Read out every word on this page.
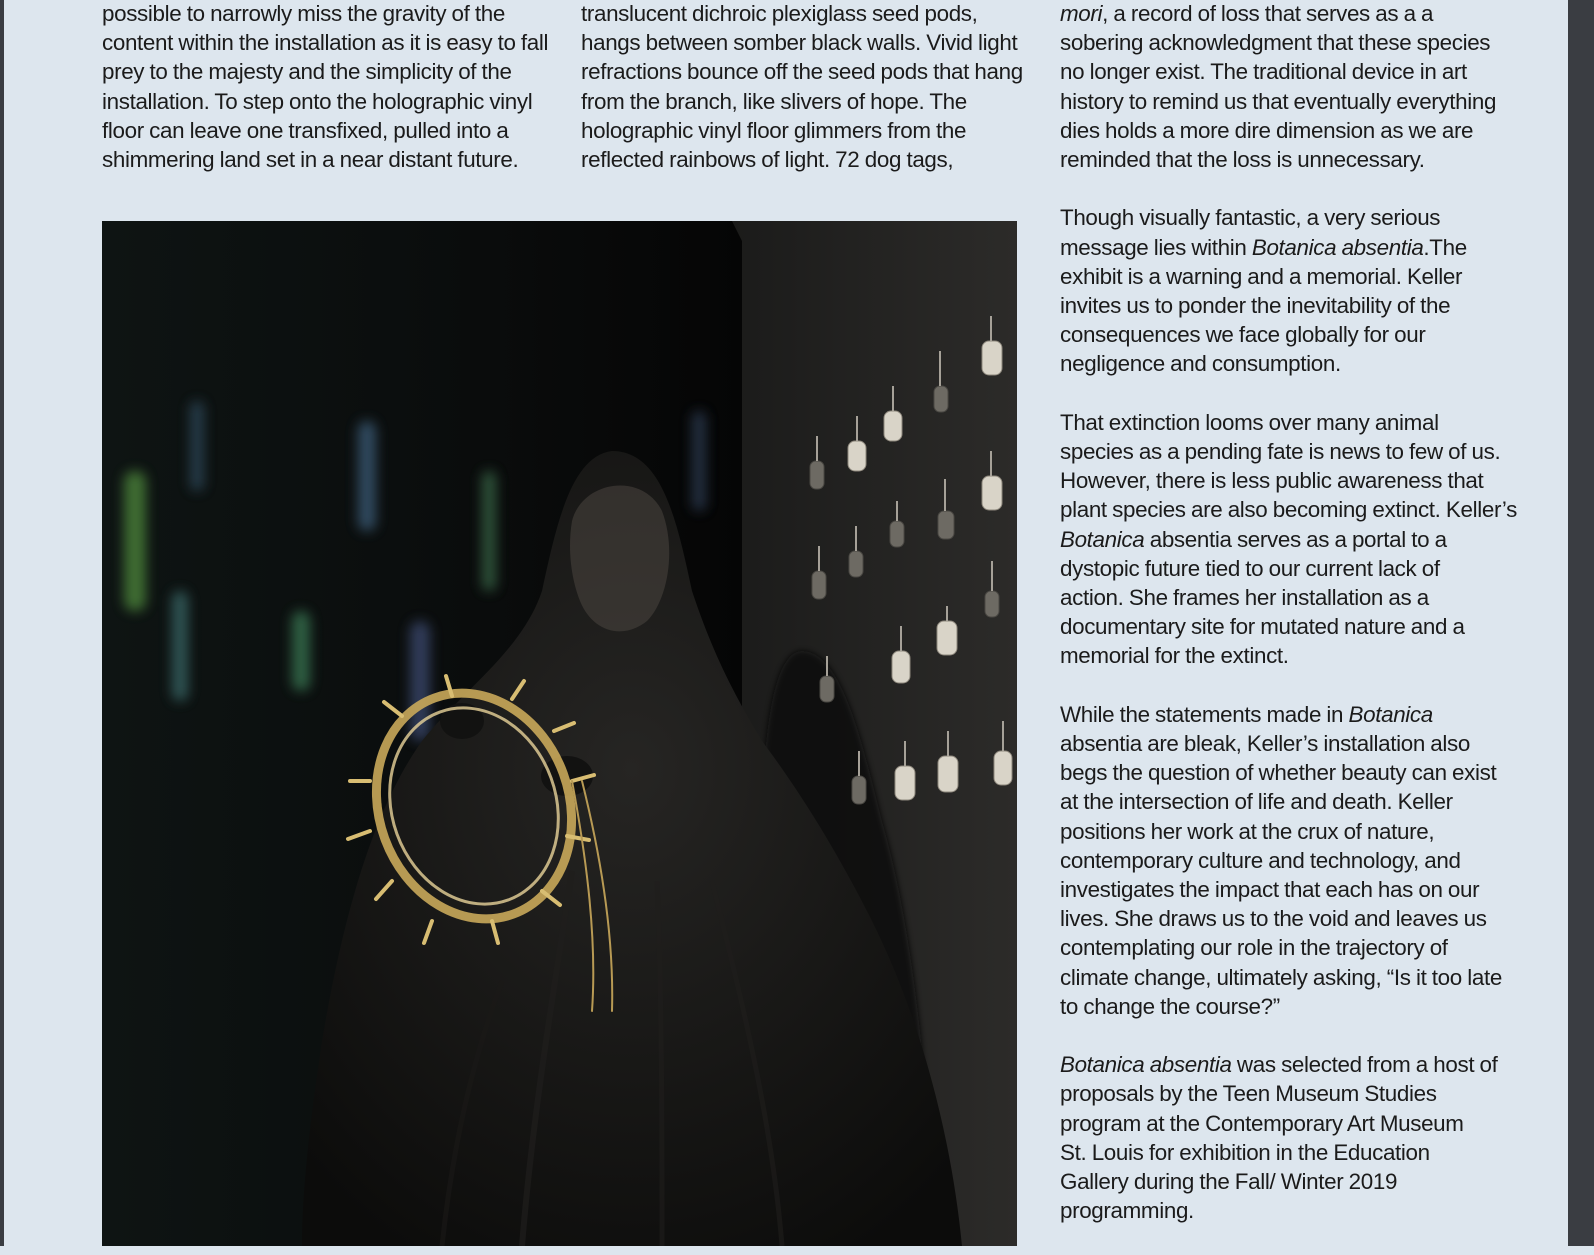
possible to narrowly miss the gravity of the
content within the installation as it is easy to fall
prey to the majesty and the simplicity of the
installation. To step onto the holographic vinyl
floor can leave one transfixed, pulled into a
shimmering land set in a near distant future.
translucent dichroic plexiglass seed pods,
hangs between somber black walls. Vivid light
refractions bounce off the seed pods that hang
from the branch, like slivers of hope. The
holographic vinyl floor glimmers from the
reflected rainbows of light. 72 dog tags,

mori, a record of loss that serves as a a
sobering acknowledgment that these species
no longer exist. The traditional device in art
history to remind us that eventually everything
dies holds a more dire dimension as we are
reminded that the loss is unnecessary.

Though visually fantastic, a very serious
message lies within Botanica absentia.The
exhibit is a warning and a memorial. Keller
invites us to ponder the inevitability of the
consequences we face globally for our
negligence and consumption.

That extinction looms over many animal
species as a pending fate is news to few of us.
However, there is less public awareness that
plant species are also becoming extinct. Keller’s
Botanica absentia serves as a portal to a
dystopic future tied to our current lack of
action. She frames her installation as a
documentary site for mutated nature and a
memorial for the extinct.

While the statements made in Botanica
absentia are bleak, Keller’s installation also
begs the question of whether beauty can exist
at the intersection of life and death. Keller
positions her work at the crux of nature,
contemporary culture and technology, and
investigates the impact that each has on our
lives. She draws us to the void and leaves us
contemplating our role in the trajectory of
climate change, ultimately asking, “Is it too late
to change the course?”

Botanica absentia was selected from a host of
proposals by the Teen Museum Studies
program at the Contemporary Art Museum
St. Louis for exhibition in the Education
Gallery during the Fall/ Winter 2019
programming.
